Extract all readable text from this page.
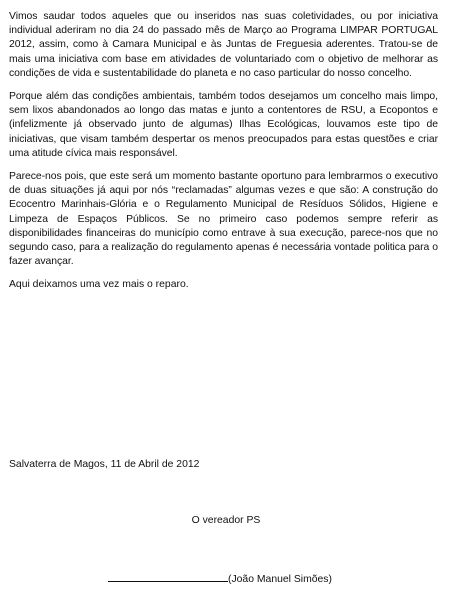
Vimos saudar todos aqueles que ou inseridos nas suas coletividades, ou por iniciativa individual aderiram no dia 24 do passado mês de Março ao Programa LIMPAR PORTUGAL 2012, assim, como à Camara Municipal e às Juntas de Freguesia aderentes. Tratou-se de mais uma iniciativa com base em atividades de voluntariado com o objetivo de melhorar as condições de vida e sustentabilidade do planeta e no caso particular do nosso concelho.

Porque além das condições ambientais, também todos desejamos um concelho mais limpo, sem lixos abandonados ao longo das matas e junto a contentores de RSU, a Ecopontos e (infelizmente já observado junto de algumas) Ilhas Ecológicas, louvamos este tipo de iniciativas, que visam também despertar os menos preocupados para estas questões e criar uma atitude cívica mais responsável.

Parece-nos pois, que este será um momento bastante oportuno para lembrarmos o executivo de duas situações já aqui por nós “reclamadas” algumas vezes e que são: A construção do Ecocentro Marinhais-Glória e o Regulamento Municipal de Resíduos Sólidos, Higiene e Limpeza de Espaços Públicos. Se no primeiro caso podemos sempre referir as disponibilidades financeiras do município como entrave à sua execução, parece-nos que no segundo caso, para a realização do regulamento apenas é necessária vontade politica para o fazer avançar.

Aqui deixamos uma vez mais o reparo.

Salvaterra de Magos, 11 de Abril de 2012
O vereador PS
(João Manuel Simões)
